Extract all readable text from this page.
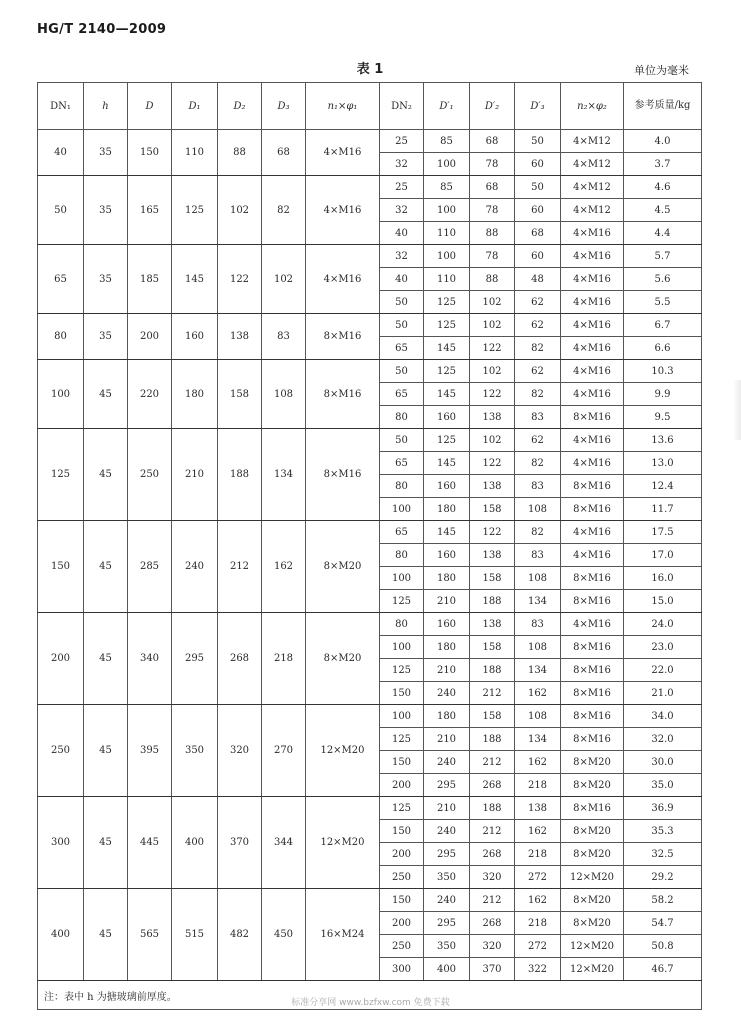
HG/T 2140—2009
表 1	单位为毫米
DN₁	h	D	D₁	D₂	D₃	n₁×φ₁	DN₂	D′₁	D′₂	D′₃	n₂×φ₂	参考质量/kg
40	35	150	110	88	68	4×M16	25	85	68	50	4×M12	4.0
							32	100	78	60	4×M12	3.7
50	35	165	125	102	82	4×M16	25	85	68	50	4×M12	4.6
							32	100	78	60	4×M12	4.5
							40	110	88	68	4×M16	4.4
65	35	185	145	122	102	4×M16	32	100	78	60	4×M16	5.7
							40	110	88	48	4×M16	5.6
							50	125	102	62	4×M16	5.5
80	35	200	160	138	83	8×M16	50	125	102	62	4×M16	6.7
							65	145	122	82	4×M16	6.6
100	45	220	180	158	108	8×M16	50	125	102	62	4×M16	10.3
							65	145	122	82	4×M16	9.9
							80	160	138	83	8×M16	9.5
125	45	250	210	188	134	8×M16	50	125	102	62	4×M16	13.6
							65	145	122	82	4×M16	13.0
							80	160	138	83	8×M16	12.4
							100	180	158	108	8×M16	11.7
150	45	285	240	212	162	8×M20	65	145	122	82	4×M16	17.5
							80	160	138	83	4×M16	17.0
							100	180	158	108	8×M16	16.0
							125	210	188	134	8×M16	15.0
200	45	340	295	268	218	8×M20	80	160	138	83	4×M16	24.0
							100	180	158	108	8×M16	23.0
							125	210	188	134	8×M16	22.0
							150	240	212	162	8×M16	21.0
250	45	395	350	320	270	12×M20	100	180	158	108	8×M16	34.0
							125	210	188	134	8×M16	32.0
							150	240	212	162	8×M20	30.0
							200	295	268	218	8×M20	35.0
300	45	445	400	370	344	12×M20	125	210	188	138	8×M16	36.9
							150	240	212	162	8×M20	35.3
							200	295	268	218	8×M20	32.5
							250	350	320	272	12×M20	29.2
400	45	565	515	482	450	16×M24	150	240	212	162	8×M20	58.2
							200	295	268	218	8×M20	54.7
							250	350	320	272	12×M20	50.8
							300	400	370	322	12×M20	46.7
注：表中 h 为搪玻璃前厚度。												
标准分享网 www.bzfxw.com 免费下载
